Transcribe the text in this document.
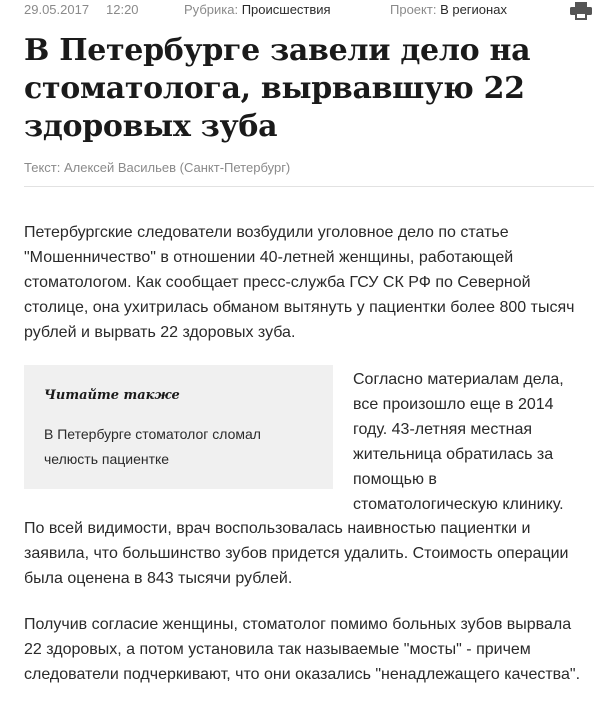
29.05.2017 12:20	Рубрика: Происшествия	Проект: В регионах
В Петербурге завели дело на стоматолога, вырвавшую 22 здоровых зуба
Текст: Алексей Васильев (Санкт-Петербург)

Петербургские следователи возбудили уголовное дело по статье "Мошенничество" в отношении 40-летней женщины, работающей стоматологом. Как сообщает пресс-служба ГСУ СК РФ по Северной столице, она ухитрилась обманом вытянуть у пациентки более 800 тысяч рублей и вырвать 22 здоровых зуба.

Читайте также
В Петербурге стоматолог сломал челюсть пациентке

Согласно материалам дела, все произошло еще в 2014 году. 43-летняя местная жительница обратилась за помощью в стоматологическую клинику.

По всей видимости, врач воспользовалась наивностью пациентки и заявила, что большинство зубов придется удалить. Стоимость операции была оценена в 843 тысячи рублей.

Получив согласие женщины, стоматолог помимо больных зубов вырвала 22 здоровых, а потом установила так называемые "мосты" - причем следователи подчеркивают, что они оказались "ненадлежащего качества".
